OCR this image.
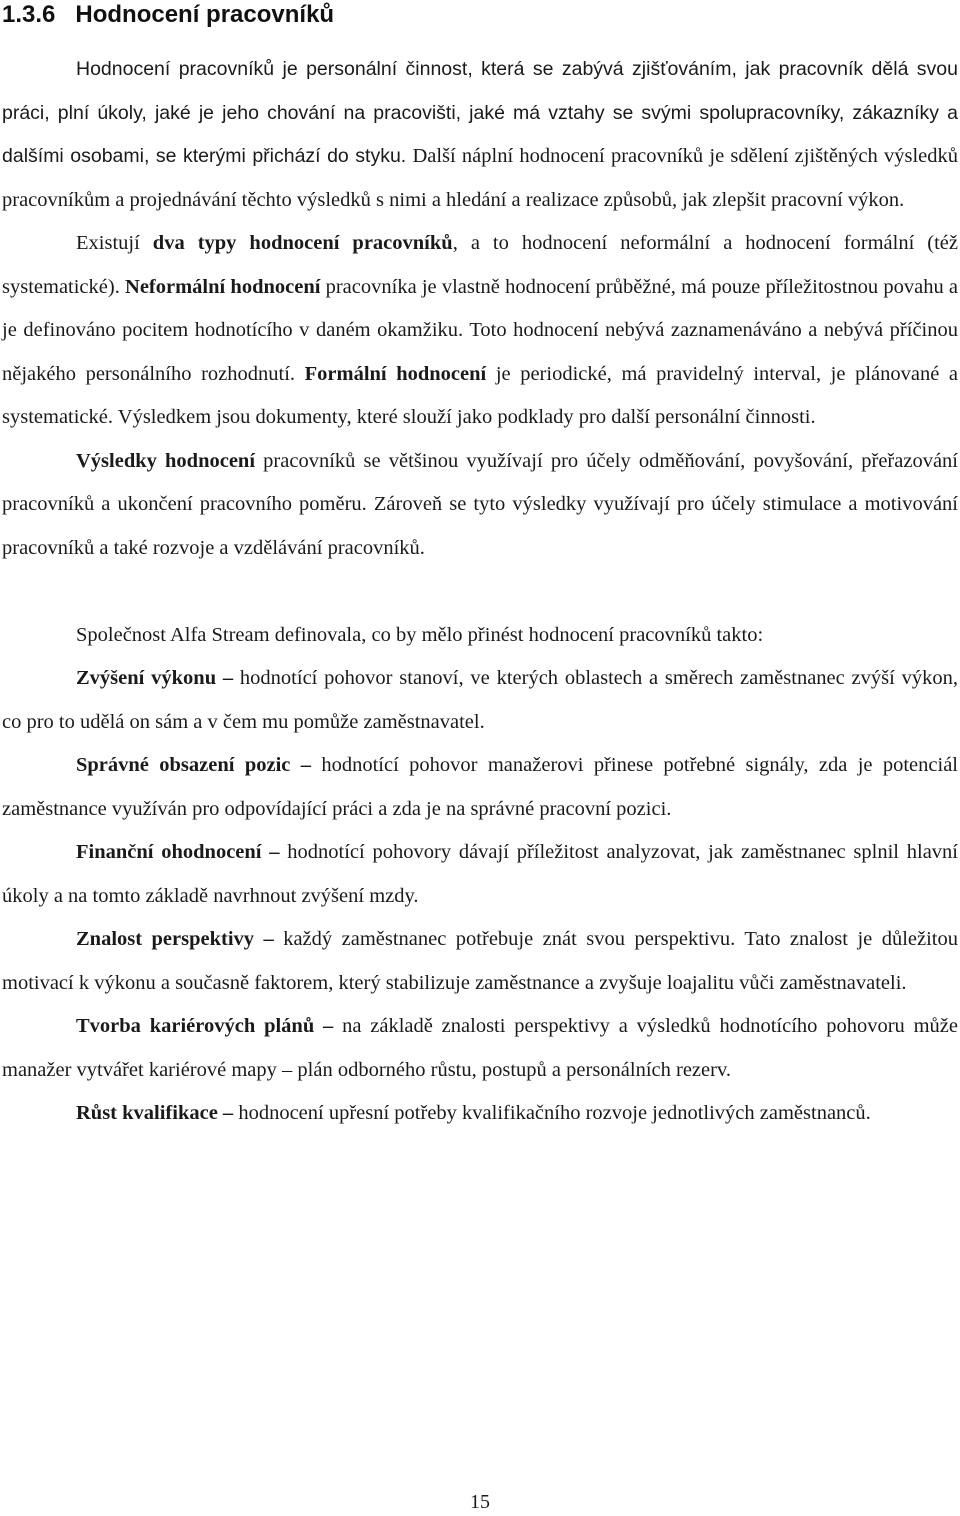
1.3.6 Hodnocení pracovníků

Hodnocení pracovníků je personální činnost, která se zabývá zjišťováním, jak pracovník dělá svou práci, plní úkoly, jaké je jeho chování na pracovišti, jaké má vztahy se svými spolupracovníky, zákazníky a dalšími osobami, se kterými přichází do styku. Další náplní hodnocení pracovníků je sdělení zjištěných výsledků pracovníkům a projednávání těchto výsledků s nimi a hledání a realizace způsobů, jak zlepšit pracovní výkon.

Existují dva typy hodnocení pracovníků, a to hodnocení neformální a hodnocení formální (též systematické). Neformální hodnocení pracovníka je vlastně hodnocení průběžné, má pouze příležitostnou povahu a je definováno pocitem hodnotícího v daném okamžiku. Toto hodnocení nebývá zaznamenáváno a nebývá příčinou nějakého personálního rozhodnutí. Formální hodnocení je periodické, má pravidelný interval, je plánované a systematické. Výsledkem jsou dokumenty, které slouží jako podklady pro další personální činnosti.

Výsledky hodnocení pracovníků se většinou využívají pro účely odměňování, povyšování, přeřazování pracovníků a ukončení pracovního poměru. Zároveň se tyto výsledky využívají pro účely stimulace a motivování pracovníků a také rozvoje a vzdělávání pracovníků.

Společnost Alfa Stream definovala, co by mělo přinést hodnocení pracovníků takto:

Zvýšení výkonu – hodnotící pohovor stanoví, ve kterých oblastech a směrech zaměstnanec zvýší výkon, co pro to udělá on sám a v čem mu pomůže zaměstnavatel.

Správné obsazení pozic – hodnotící pohovor manažerovi přinese potřebné signály, zda je potenciál zaměstnance využíván pro odpovídající práci a zda je na správné pracovní pozici.

Finanční ohodnocení – hodnotící pohovory dávají příležitost analyzovat, jak zaměstnanec splnil hlavní úkoly a na tomto základě navrhnout zvýšení mzdy.

Znalost perspektivy – každý zaměstnanec potřebuje znát svou perspektivu. Tato znalost je důležitou motivací k výkonu a současně faktorem, který stabilizuje zaměstnance a zvyšuje loajalitu vůči zaměstnavateli.

Tvorba kariérových plánů – na základě znalosti perspektivy a výsledků hodnotícího pohovoru může manažer vytvářet kariérové mapy – plán odborného růstu, postupů a personálních rezerv.

Růst kvalifikace – hodnocení upřesní potřeby kvalifikačního rozvoje jednotlivých zaměstnanců.

15
